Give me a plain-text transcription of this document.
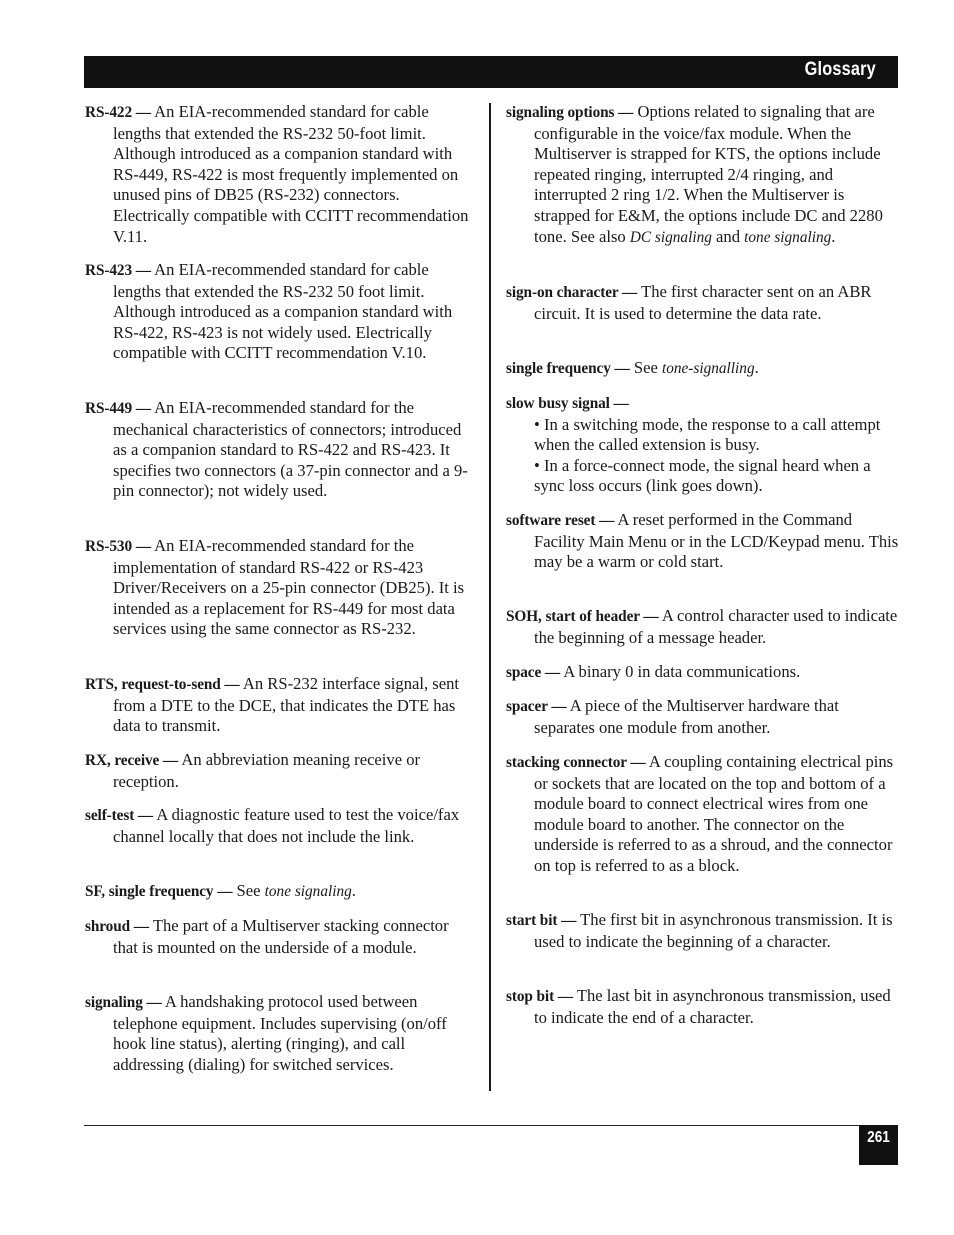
Glossary

RS-422 — An EIA-recommended standard for cable lengths that extended the RS-232 50-foot limit. Although introduced as a companion standard with RS-449, RS-422 is most frequently implemented on unused pins of DB25 (RS-232) connectors. Electrically compatible with CCITT recommendation V.11.

RS-423 — An EIA-recommended standard for cable lengths that extended the RS-232 50 foot limit. Although introduced as a companion standard with RS-422, RS-423 is not widely used. Electrically compatible with CCITT recommendation V.10.

RS-449 — An EIA-recommended standard for the mechanical characteristics of connectors; introduced as a companion standard to RS-422 and RS-423. It specifies two connectors (a 37-pin connector and a 9-pin connector); not widely used.

RS-530 — An EIA-recommended standard for the implementation of standard RS-422 or RS-423 Driver/Receivers on a 25-pin connector (DB25). It is intended as a replacement for RS-449 for most data services using the same connector as RS-232.

RTS, request-to-send — An RS-232 interface signal, sent from a DTE to the DCE, that indicates the DTE has data to transmit.

RX, receive — An abbreviation meaning receive or reception.

self-test — A diagnostic feature used to test the voice/fax channel locally that does not include the link.

SF, single frequency — See tone signaling.

shroud — The part of a Multiserver stacking connector that is mounted on the underside of a module.

signaling — A handshaking protocol used between telephone equipment. Includes supervising (on/off hook line status), alerting (ringing), and call addressing (dialing) for switched services.

signaling options — Options related to signaling that are configurable in the voice/fax module. When the Multiserver is strapped for KTS, the options include repeated ringing, interrupted 2/4 ringing, and interrupted 2 ring 1/2. When the Multiserver is strapped for E&M, the options include DC and 2280 tone. See also DC signaling and tone signaling.

sign-on character — The first character sent on an ABR circuit. It is used to determine the data rate.

single frequency — See tone-signalling.

slow busy signal —
• In a switching mode, the response to a call attempt when the called extension is busy.
• In a force-connect mode, the signal heard when a sync loss occurs (link goes down).

software reset — A reset performed in the Command Facility Main Menu or in the LCD/Keypad menu. This may be a warm or cold start.

SOH, start of header — A control character used to indicate the beginning of a message header.

space — A binary 0 in data communications.

spacer — A piece of the Multiserver hardware that separates one module from another.

stacking connector — A coupling containing electrical pins or sockets that are located on the top and bottom of a module board to connect electrical wires from one module board to another. The connector on the underside is referred to as a shroud, and the connector on top is referred to as a block.

start bit — The first bit in asynchronous transmission. It is used to indicate the beginning of a character.

stop bit — The last bit in asynchronous transmission, used to indicate the end of a character.

261
